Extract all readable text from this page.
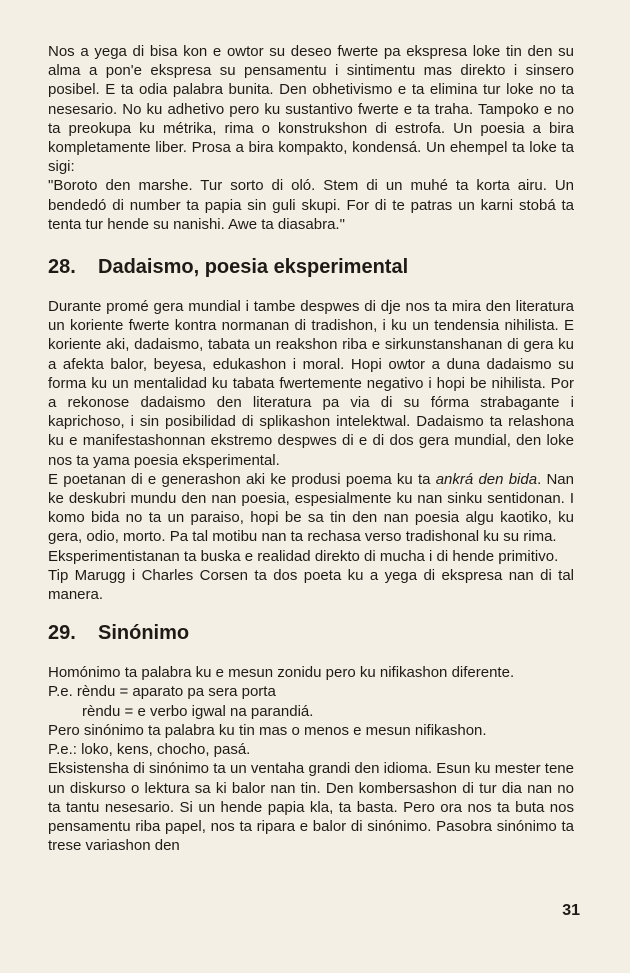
Nos a yega di bisa kon e owtor su deseo fwerte pa ekspresa loke tin den su alma a pon'e ekspresa su pensamentu i sintimentu mas direkto i sinsero posibel. E ta odia palabra bunita. Den obhetivismo e ta elimina tur loke no ta nesesario. No ku adhetivo pero ku sustantivo fwerte e ta traha. Tampoko e no ta preokupa ku métrika, rima o konstrukshon di estrofa. Un poesia a bira kompletamente liber. Prosa a bira kompakto, kondensá. Un ehempel ta loke ta sigi:

"Boroto den marshe. Tur sorto di oló. Stem di un muhé ta korta airu. Un bendedó di number ta papia sin guli skupi. For di te patras un karni stobá ta tenta tur hende su nanishi. Awe ta diasabra."

28.	Dadaismo, poesia eksperimental

Durante promé gera mundial i tambe despwes di dje nos ta mira den literatura un koriente fwerte kontra normanan di tradishon, i ku un tendensia nihilista. E koriente aki, dadaismo, tabata un reakshon riba e sirkunstanshanan di gera ku a afekta balor, beyesa, edukashon i moral. Hopi owtor a duna dadaismo su forma ku un mentalidad ku tabata fwertemente negativo i hopi be nihilista. Por a rekonose dadaismo den literatura pa via di su fórma strabagante i kaprichoso, i sin posibilidad di splikashon intelektwal. Dadaismo ta relashona ku e manifestashonnan ekstremo despwes di e di dos gera mundial, den loke nos ta yama poesia eksperimental.

E poetanan di e generashon aki ke produsi poema ku ta ankrá den bida. Nan ke deskubri mundu den nan poesia, espesialmente ku nan sinku sentidonan. I komo bida no ta un paraiso, hopi be sa tin den nan poesia algu kaotiko, ku gera, odio, morto. Pa tal motibu nan ta rechasa verso tradishonal ku su rima.

Eksperimentistanan ta buska e realidad direkto di mucha i di hende primitivo.

Tip Marugg i Charles Corsen ta dos poeta ku a yega di ekspresa nan di tal manera.

29.	Sinónimo

Homónimo ta palabra ku e mesun zonidu pero ku nifikashon diferente.

P.e. rèndu = aparato pa sera porta

rèndu = e verbo igwal na parandiá.

Pero sinónimo ta palabra ku tin mas o menos e mesun nifikashon.

P.e.: loko, kens, chocho, pasá.

Eksistensha di sinónimo ta un ventaha grandi den idioma. Esun ku mester tene un diskurso o lektura sa ki balor nan tin. Den kombersashon di tur dia nan no ta tantu nesesario. Si un hende papia kla, ta basta. Pero ora nos ta buta nos pensamentu riba papel, nos ta ripara e balor di sinónimo. Pasobra sinónimo ta trese variashon den

31
